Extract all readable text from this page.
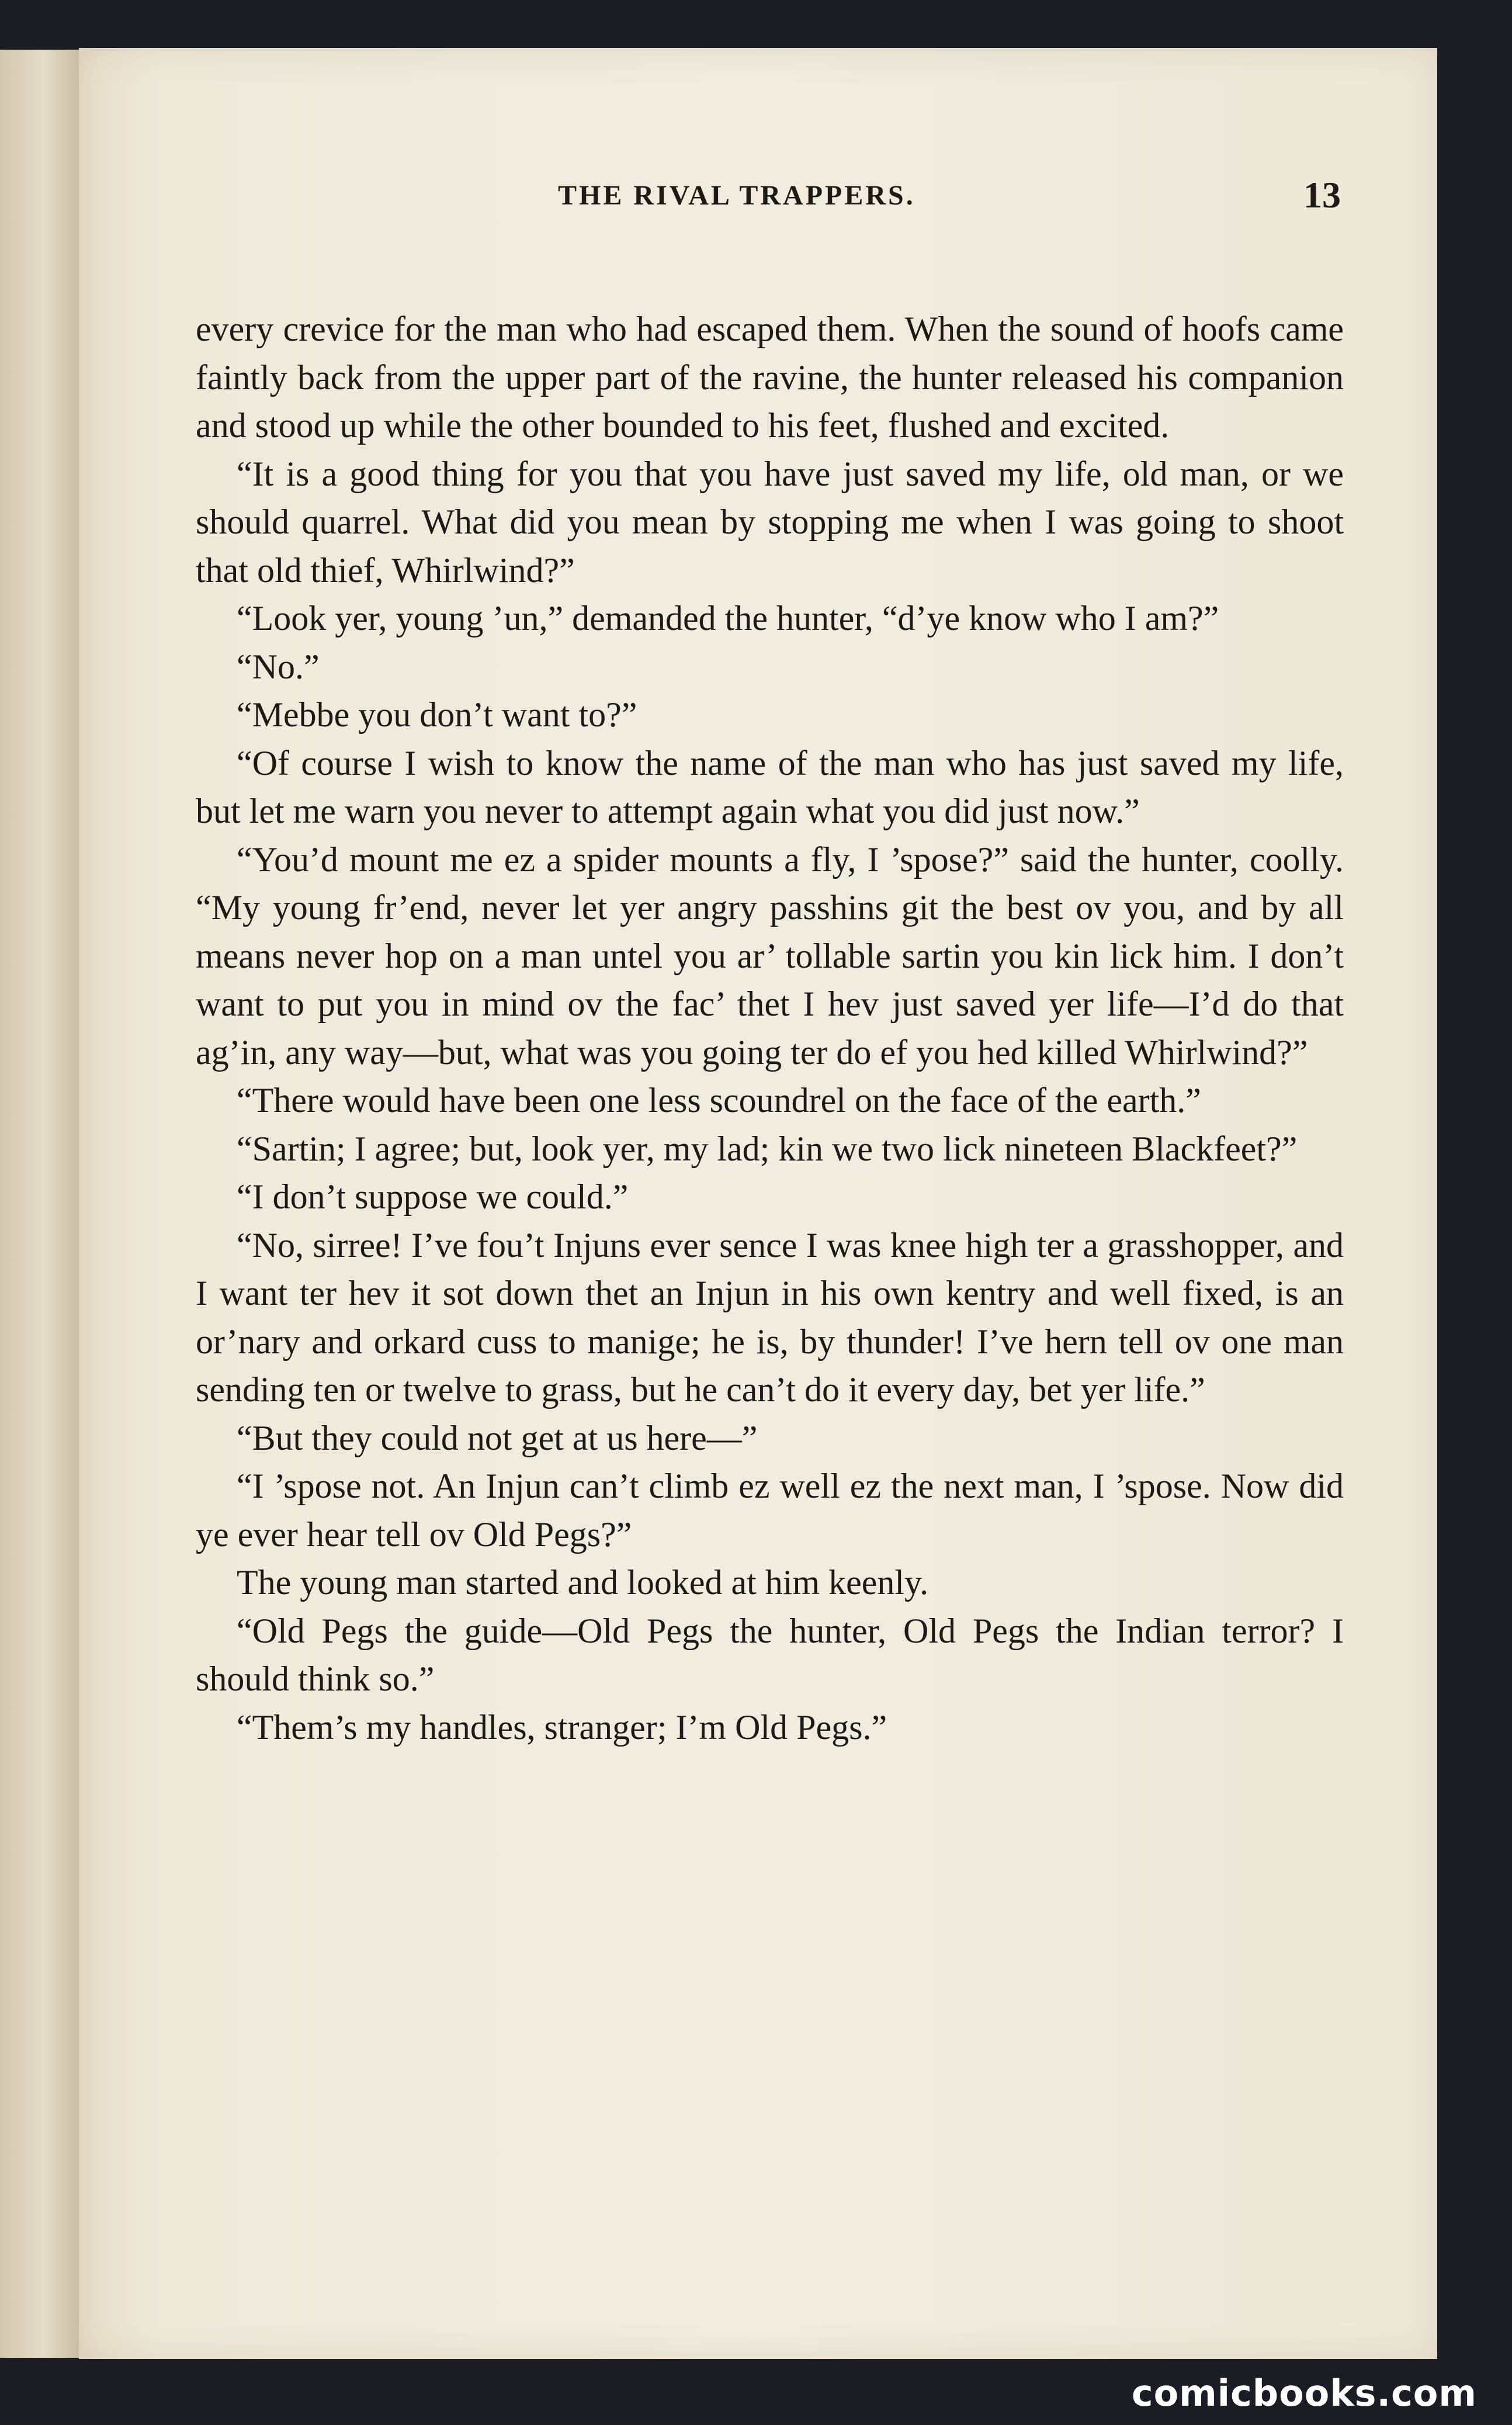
THE RIVAL TRAPPERS.	13

every crevice for the man who had escaped them. When the sound of hoofs came faintly back from the upper part of the ravine, the hunter released his companion and stood up while the other bounded to his feet, flushed and excited.

“It is a good thing for you that you have just saved my life, old man, or we should quarrel. What did you mean by stopping me when I was going to shoot that old thief, Whirlwind?”

“Look yer, young ’un,” demanded the hunter, “d’ye know who I am?”

“No.”

“Mebbe you don’t want to?”

“Of course I wish to know the name of the man who has just saved my life, but let me warn you never to attempt again what you did just now.”

“You’d mount me ez a spider mounts a fly, I ’spose?” said the hunter, coolly. “My young fr’end, never let yer angry passhins git the best ov you, and by all means never hop on a man untel you ar’ tollable sartin you kin lick him. I don’t want to put you in mind ov the fac’ thet I hev just saved yer life—I’d do that ag’in, any way—but, what was you going ter do ef you hed killed Whirlwind?”

“There would have been one less scoundrel on the face of the earth.”

“Sartin; I agree; but, look yer, my lad; kin we two lick nineteen Blackfeet?”

“I don’t suppose we could.”

“No, sirree! I’ve fou’t Injuns ever sence I was knee high ter a grasshopper, and I want ter hev it sot down thet an Injun in his own kentry and well fixed, is an or’nary and orkard cuss to manige; he is, by thunder! I’ve hern tell ov one man sending ten or twelve to grass, but he can’t do it every day, bet yer life.”

“But they could not get at us here—”

“I ’spose not. An Injun can’t climb ez well ez the next man, I ’spose. Now did ye ever hear tell ov Old Pegs?”

The young man started and looked at him keenly.

“Old Pegs the guide—Old Pegs the hunter, Old Pegs the Indian terror? I should think so.”

“Them’s my handles, stranger; I’m Old Pegs.”

comicbooks.com
